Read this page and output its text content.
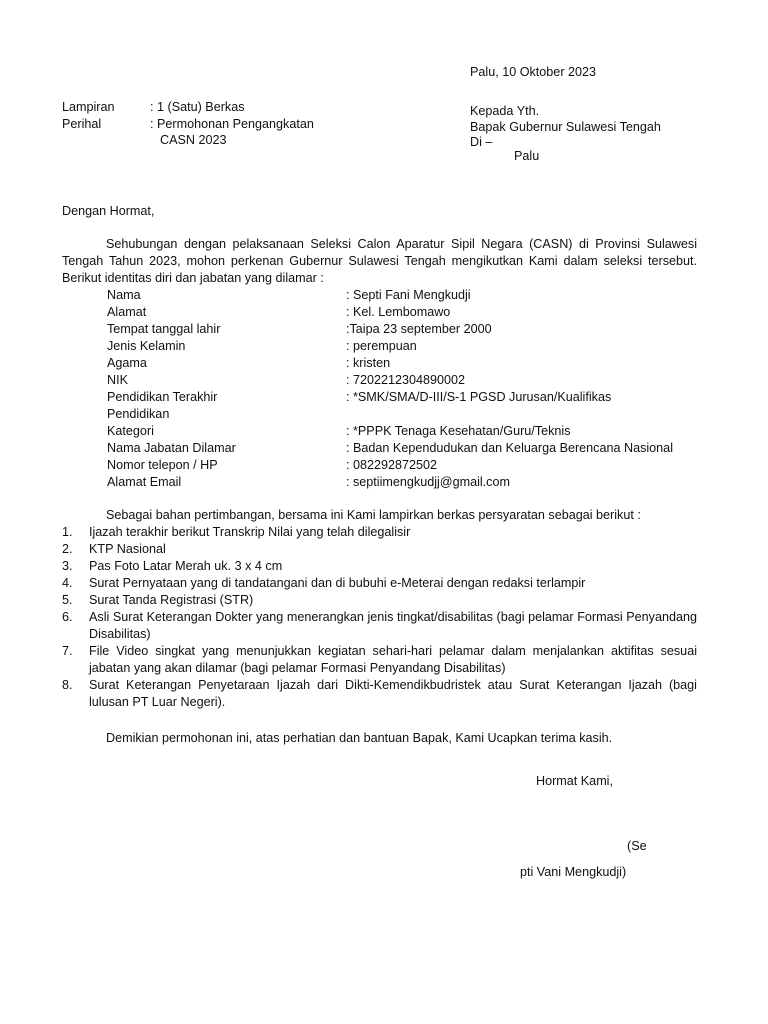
Palu, 10 Oktober 2023
Lampiran	: 1 (Satu) Berkas
Perihal	: Permohonan Pengangkatan
CASN 2023
Kepada Yth.
Bapak Gubernur Sulawesi Tengah
Di –
Palu
Dengan Hormat,
Sehubungan dengan pelaksanaan Seleksi Calon Aparatur Sipil Negara (CASN) di Provinsi Sulawesi Tengah Tahun 2023, mohon perkenan Gubernur Sulawesi Tengah mengikutkan Kami dalam seleksi tersebut. Berikut identitas diri dan jabatan yang dilamar :
Nama	: Septi Fani Mengkudji
Alamat	: Kel. Lembomawo
Tempat tanggal lahir	:Taipa 23 september 2000
Jenis Kelamin	: perempuan
Agama	: kristen
NIK	: 7202212304890002
Pendidikan Terakhir	: *SMK/SMA/D-III/S-1 PGSD Jurusan/Kualifikas
Pendidikan
Kategori	: *PPPK Tenaga Kesehatan/Guru/Teknis
Nama Jabatan Dilamar	: Badan Kependudukan dan Keluarga Berencana Nasional
Nomor telepon / HP	: 082292872502
Alamat Email	: septiimengkudjj@gmail.com
Sebagai bahan pertimbangan, bersama ini Kami lampirkan berkas persyaratan sebagai berikut :
1.	Ijazah terakhir berikut Transkrip Nilai yang telah dilegalisir
2.	KTP Nasional
3.	Pas Foto Latar Merah uk. 3 x 4 cm
4.	Surat Pernyataan yang di tandatangani dan di bubuhi e-Meterai dengan redaksi terlampir
5.	Surat Tanda Registrasi (STR)
6.	Asli Surat Keterangan Dokter yang menerangkan jenis tingkat/disabilitas (bagi pelamar Formasi Penyandang Disabilitas)
7.	File Video singkat yang menunjukkan kegiatan sehari-hari pelamar dalam menjalankan aktifitas sesuai jabatan yang akan dilamar (bagi pelamar Formasi Penyandang Disabilitas)
8.	Surat Keterangan Penyetaraan Ijazah dari Dikti-Kemendikbudristek atau Surat Keterangan Ijazah (bagi lulusan PT Luar Negeri).
Demikian permohonan ini, atas perhatian dan bantuan Bapak, Kami Ucapkan terima kasih.
Hormat Kami,
(Se
pti Vani Mengkudji)
